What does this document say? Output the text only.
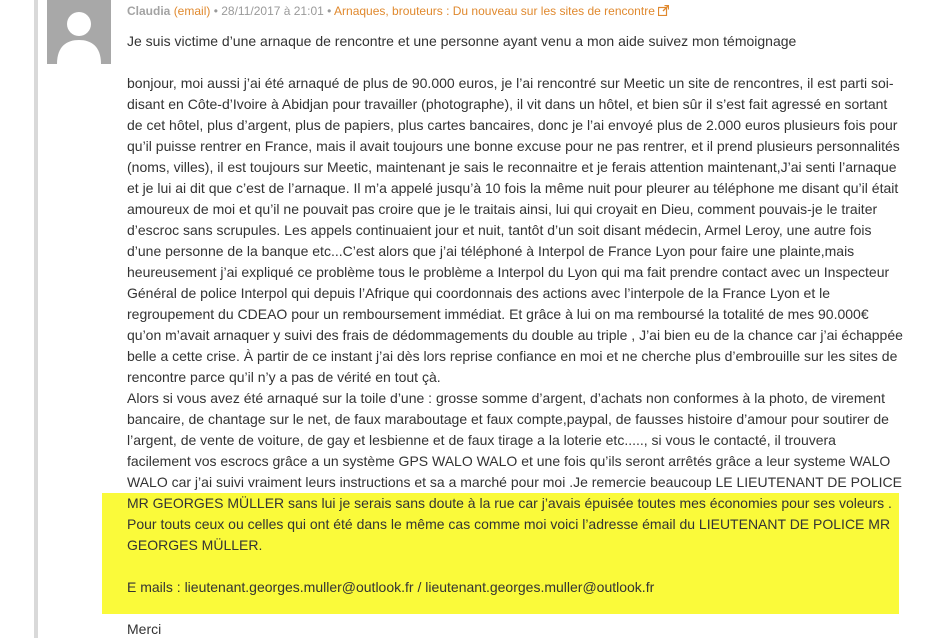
Claudia (email) • 28/11/2017 à 21:01 • Arnaques, brouteurs : Du nouveau sur les sites de rencontre

Je suis victime d’une arnaque de rencontre et une personne ayant venu a mon aide suivez mon témoignage

bonjour, moi aussi j’ai été arnaqué de plus de 90.000 euros, je l’ai rencontré sur Meetic un site de rencontres, il est parti soi-

disant en Côte-d’Ivoire à Abidjan pour travailler (photographe), il vit dans un hôtel, et bien sûr il s’est fait agressé en sortant

de cet hôtel, plus d’argent, plus de papiers, plus cartes bancaires, donc je l’ai envoyé plus de 2.000 euros plusieurs fois pour

qu’il puisse rentrer en France, mais il avait toujours une bonne excuse pour ne pas rentrer, et il prend plusieurs personnalités

(noms, villes), il est toujours sur Meetic, maintenant je sais le reconnaitre et je ferais attention maintenant,J’ai senti l’arnaque

et je lui ai dit que c’est de l’arnaque. Il m’a appelé jusqu’à 10 fois la même nuit pour pleurer au téléphone me disant qu’il était

amoureux de moi et qu’il ne pouvait pas croire que je le traitais ainsi, lui qui croyait en Dieu, comment pouvais-je le traiter

d’escroc sans scrupules. Les appels continuaient jour et nuit, tantôt d’un soit disant médecin, Armel Leroy, une autre fois

d’une personne de la banque etc...C’est alors que j’ai téléphoné à Interpol de France Lyon pour faire une plainte,mais

heureusement j’ai expliqué ce problème tous le problème a Interpol du Lyon qui ma fait prendre contact avec un Inspecteur

Général de police Interpol qui depuis l’Afrique qui coordonnais des actions avec l’interpole de la France Lyon et le

regroupement du CDEAO pour un remboursement immédiat. Et grâce à lui on ma remboursé la totalité de mes 90.000€

qu’on m’avait arnaquer y suivi des frais de dédommagements du double au triple , J’ai bien eu de la chance car j’ai échappée

belle a cette crise. À partir de ce instant j’ai dès lors reprise confiance en moi et ne cherche plus d’embrouille sur les sites de

rencontre parce qu’il n’y a pas de vérité en tout çà.

Alors si vous avez été arnaqué sur la toile d’une : grosse somme d’argent, d’achats non conformes à la photo, de virement

bancaire, de chantage sur le net, de faux maraboutage et faux compte,paypal, de fausses histoire d’amour pour soutirer de

l’argent, de vente de voiture, de gay et lesbienne et de faux tirage a la loterie etc....., si vous le contacté, il trouvera

facilement vos escrocs grâce a un système GPS WALO WALO et une fois qu’ils seront arrêtés grâce a leur systeme WALO

WALO car j’ai suivi vraiment leurs instructions et sa a marché pour moi .Je remercie beaucoup LE LIEUTENANT DE POLICE

MR GEORGES MÜLLER sans lui je serais sans doute à la rue car j’avais épuisée toutes mes économies pour ses voleurs .

Pour touts ceux ou celles qui ont été dans le même cas comme moi voici l’adresse émail du LIEUTENANT DE POLICE MR

GEORGES MÜLLER.

E mails : lieutenant.georges.muller@outlook.fr / lieutenant.georges.muller@outlook.fr

Merci
